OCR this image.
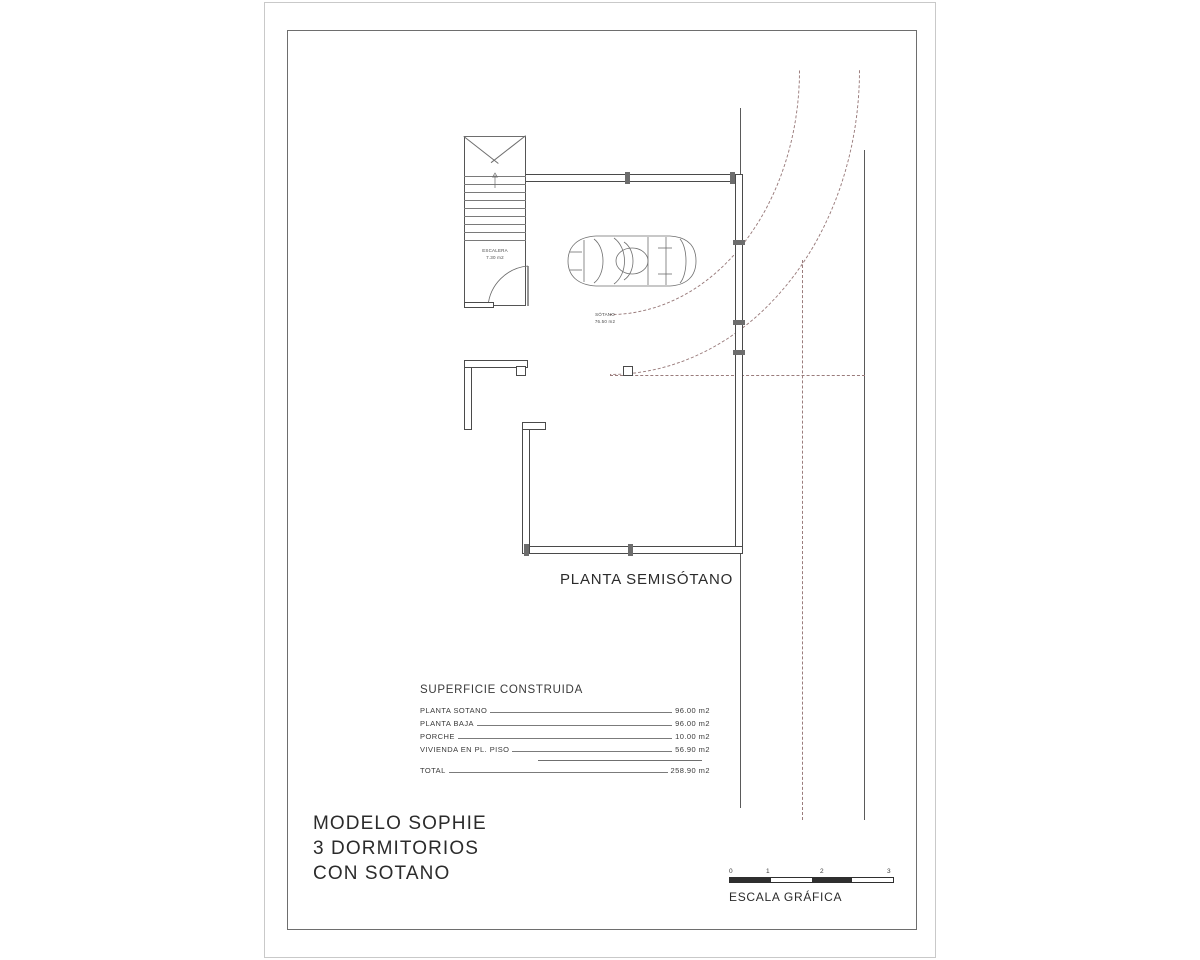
ESCALERA
7.30 m2
SÓTANO
76.50 m2
PLANTA SEMISÓTANO
SUPERFICIE CONSTRUIDA
PLANTA SOTANO	96.00 m2
PLANTA BAJA	96.00 m2
PORCHE	10.00 m2
VIVIENDA EN PL. PISO	56.90 m2
TOTAL	258.90 m2
MODELO SOPHIE
3 DORMITORIOS
CON SOTANO	0	1	2	3
ESCALA GRÁFICA
